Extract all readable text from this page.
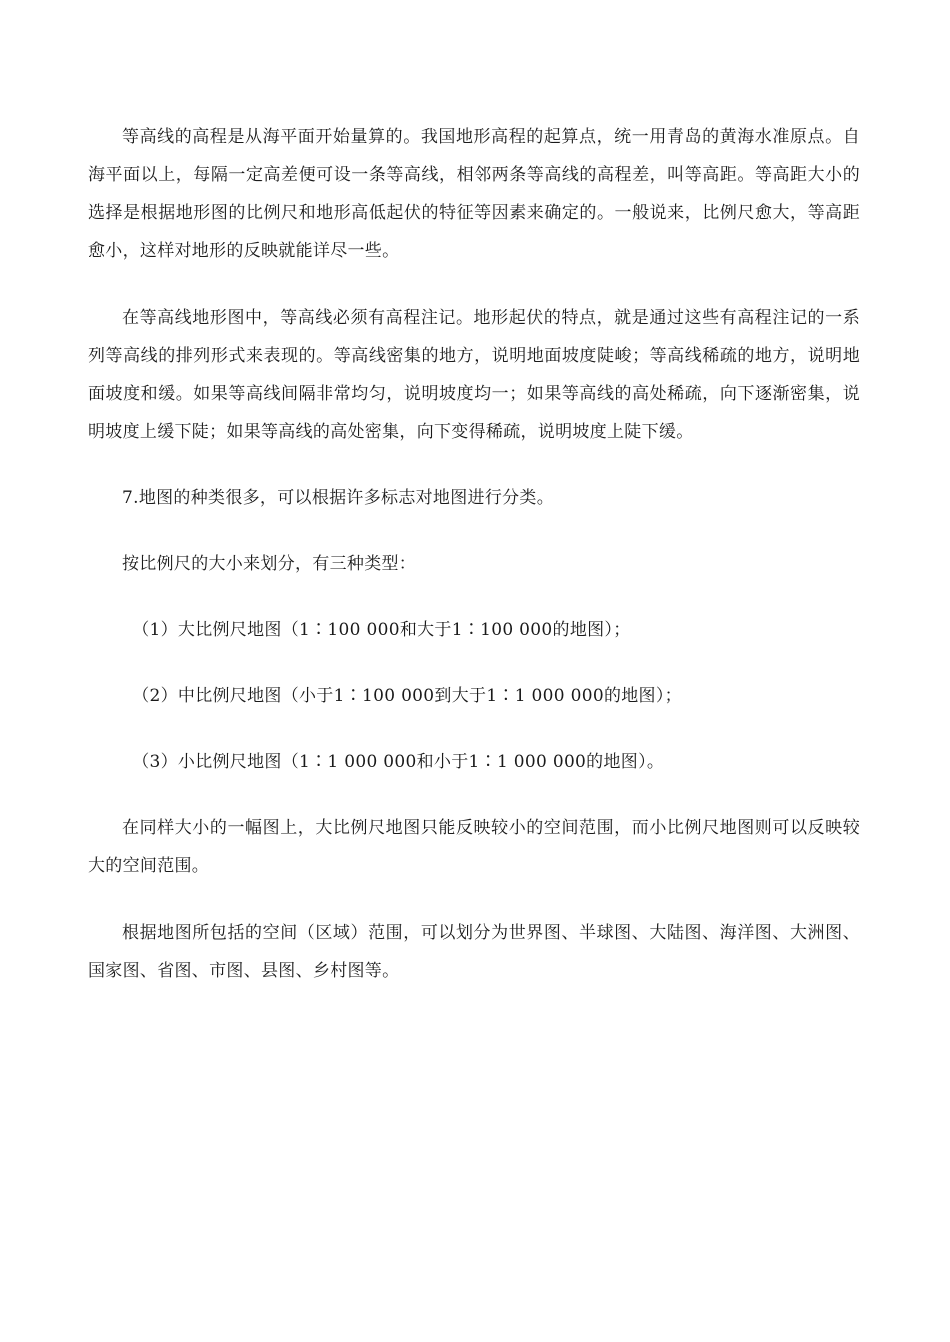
等高线的高程是从海平面开始量算的。我国地形高程的起算点，统一用青岛的黄海水准原点。自海平面以上，每隔一定高差便可设一条等高线，相邻两条等高线的高程差，叫等高距。等高距大小的选择是根据地形图的比例尺和地形高低起伏的特征等因素来确定的。一般说来，比例尺愈大，等高距愈小，这样对地形的反映就能详尽一些。

在等高线地形图中，等高线必须有高程注记。地形起伏的特点，就是通过这些有高程注记的一系列等高线的排列形式来表现的。等高线密集的地方，说明地面坡度陡峻；等高线稀疏的地方，说明地面坡度和缓。如果等高线间隔非常均匀，说明坡度均一；如果等高线的高处稀疏，向下逐渐密集，说明坡度上缓下陡；如果等高线的高处密集，向下变得稀疏，说明坡度上陡下缓。

7.地图的种类很多，可以根据许多标志对地图进行分类。

按比例尺的大小来划分，有三种类型：

（1）大比例尺地图（1∶100 000和大于1∶100 000的地图）；

（2）中比例尺地图（小于1∶100 000到大于1∶1 000 000的地图）；

（3）小比例尺地图（1∶1 000 000和小于1∶1 000 000的地图）。

在同样大小的一幅图上，大比例尺地图只能反映较小的空间范围，而小比例尺地图则可以反映较大的空间范围。

根据地图所包括的空间（区域）范围，可以划分为世界图、半球图、大陆图、海洋图、大洲图、国家图、省图、市图、县图、乡村图等。
